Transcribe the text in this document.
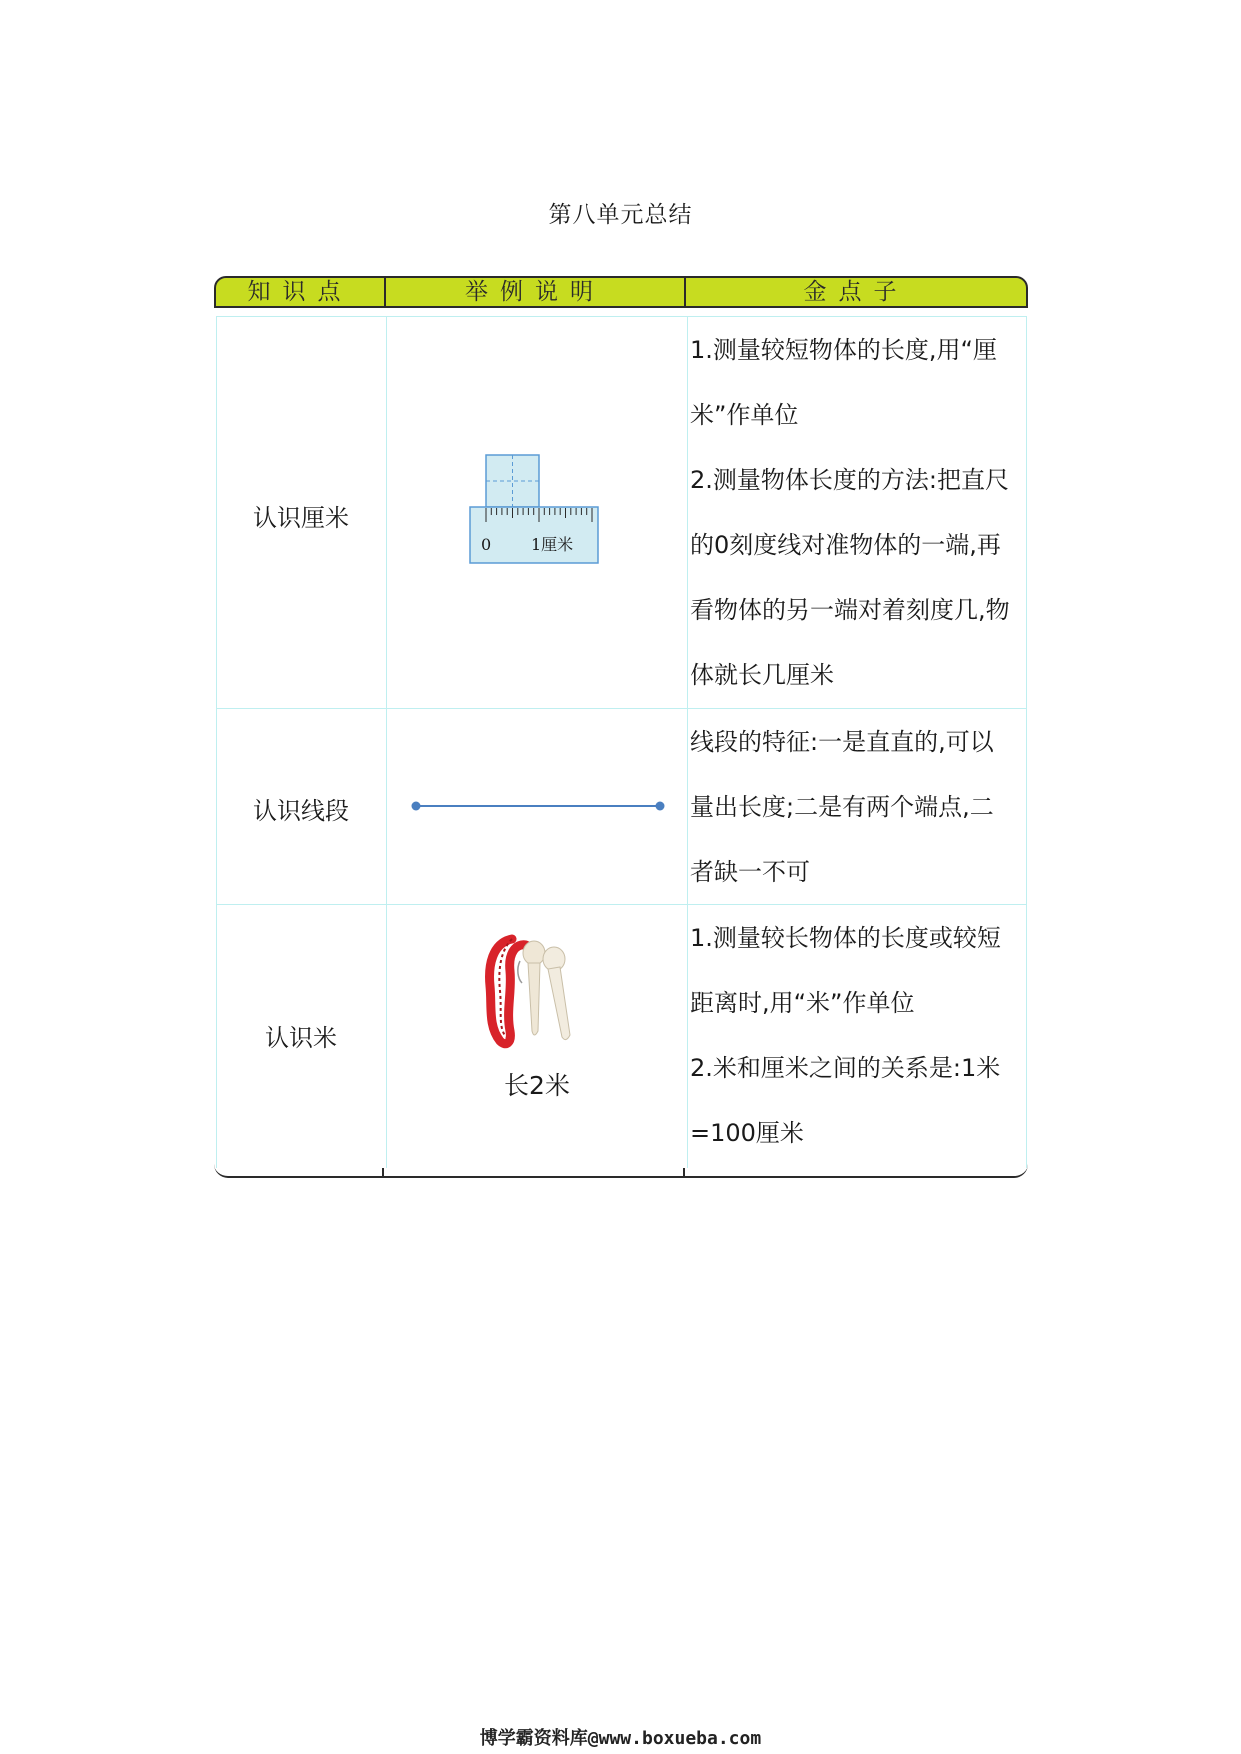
第八单元总结
知识点	举例说明	金点子
认识厘米
0 1厘米
1.测量较短物体的长度,用“厘
米”作单位
2.测量物体长度的方法:把直尺
的0刻度线对准物体的一端,再
看物体的另一端对着刻度几,物
体就长几厘米
认识线段
线段的特征:一是直直的,可以
量出长度;二是有两个端点,二
者缺一不可
认识米
长2米
1.测量较长物体的长度或较短
距离时,用“米”作单位
2.米和厘米之间的关系是:1米
=100厘米
博学霸资料库@www.boxueba.com
